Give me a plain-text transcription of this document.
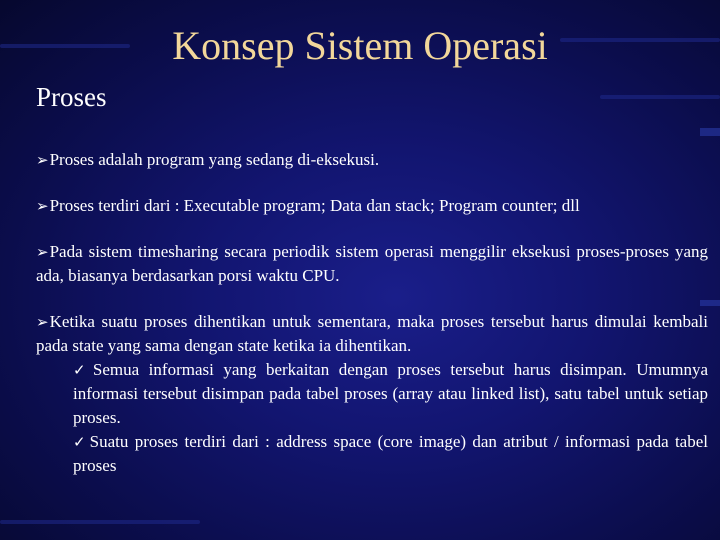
Konsep Sistem Operasi
Proses

➢Proses adalah program yang sedang di-eksekusi.

➢Proses terdiri dari : Executable program; Data dan stack; Program counter; dll

➢Pada sistem timesharing secara periodik sistem operasi menggilir eksekusi proses-proses yang ada, biasanya berdasarkan porsi waktu CPU.

➢Ketika suatu proses dihentikan untuk sementara, maka proses tersebut harus dimulai kembali pada state yang sama dengan state ketika ia dihentikan.

✓ Semua informasi yang berkaitan dengan proses tersebut harus disimpan. Umumnya informasi tersebut disimpan pada tabel proses (array atau linked list), satu tabel untuk setiap proses.

✓ Suatu proses terdiri dari : address space (core image) dan atribut / informasi pada tabel proses
